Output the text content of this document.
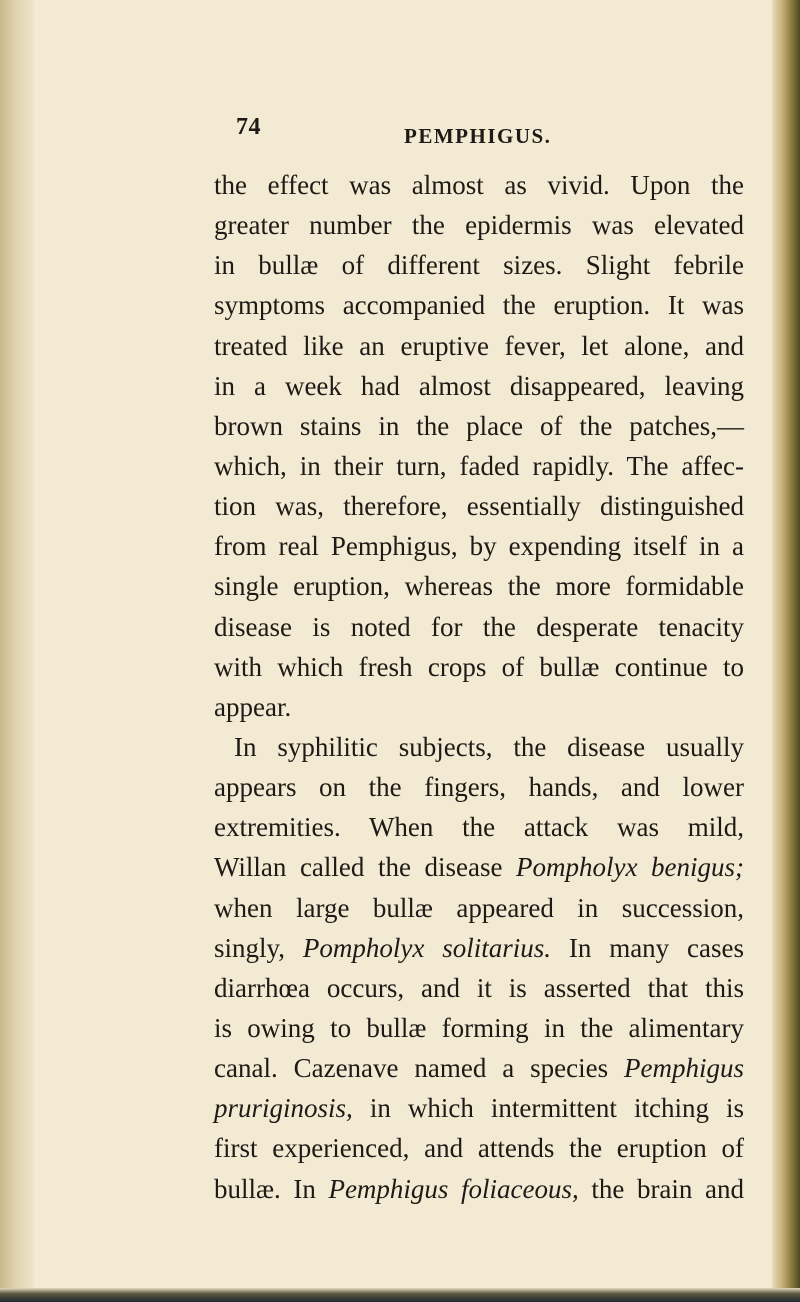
74	PEMPHIGUS.
the effect was almost as vivid. Upon the
greater number the epidermis was elevated
in bullæ of different sizes. Slight febrile
symptoms accompanied the eruption. It was
treated like an eruptive fever, let alone, and
in a week had almost disappeared, leaving
brown stains in the place of the patches,—
which, in their turn, faded rapidly. The affec-
tion was, therefore, essentially distinguished
from real Pemphigus, by expending itself in a
single eruption, whereas the more formidable
disease is noted for the desperate tenacity
with which fresh crops of bullæ continue to
appear.
In syphilitic subjects, the disease usually
appears on the fingers, hands, and lower
extremities. When the attack was mild,
Willan called the disease Pompholyx benigus;
when large bullæ appeared in succession,
singly, Pompholyx solitarius. In many cases
diarrhœa occurs, and it is asserted that this
is owing to bullæ forming in the alimentary
canal. Cazenave named a species Pemphigus
pruriginosis, in which intermittent itching is
first experienced, and attends the eruption of
bullæ. In Pemphigus foliaceous, the brain and
